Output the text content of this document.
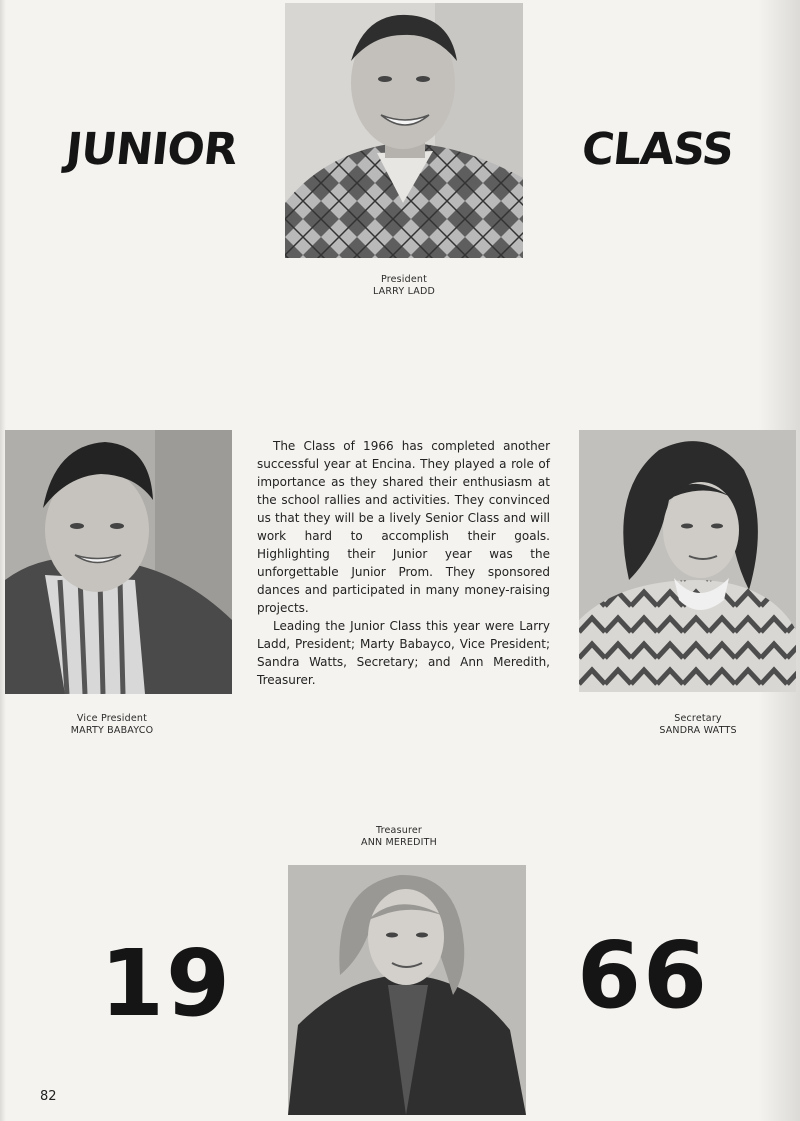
JUNIOR	CLASS
19	66
President
LARRY LADD
Vice President
MARTY BABAYCO

The Class of 1966 has completed another successful year at Encina. They played a role of importance as they shared their enthusiasm at the school rallies and activities. They convinced us that they will be a lively Senior Class and will work hard to accomplish their goals. Highlighting their Junior year was the unforgettable Junior Prom. They sponsored dances and participated in many money-raising projects.

Leading the Junior Class this year were Larry Ladd, President; Marty Babayco, Vice President; Sandra Watts, Secretary; and Ann Meredith, Treasurer.

Secretary
SANDRA WATTS
Treasurer
ANN MEREDITH
82
